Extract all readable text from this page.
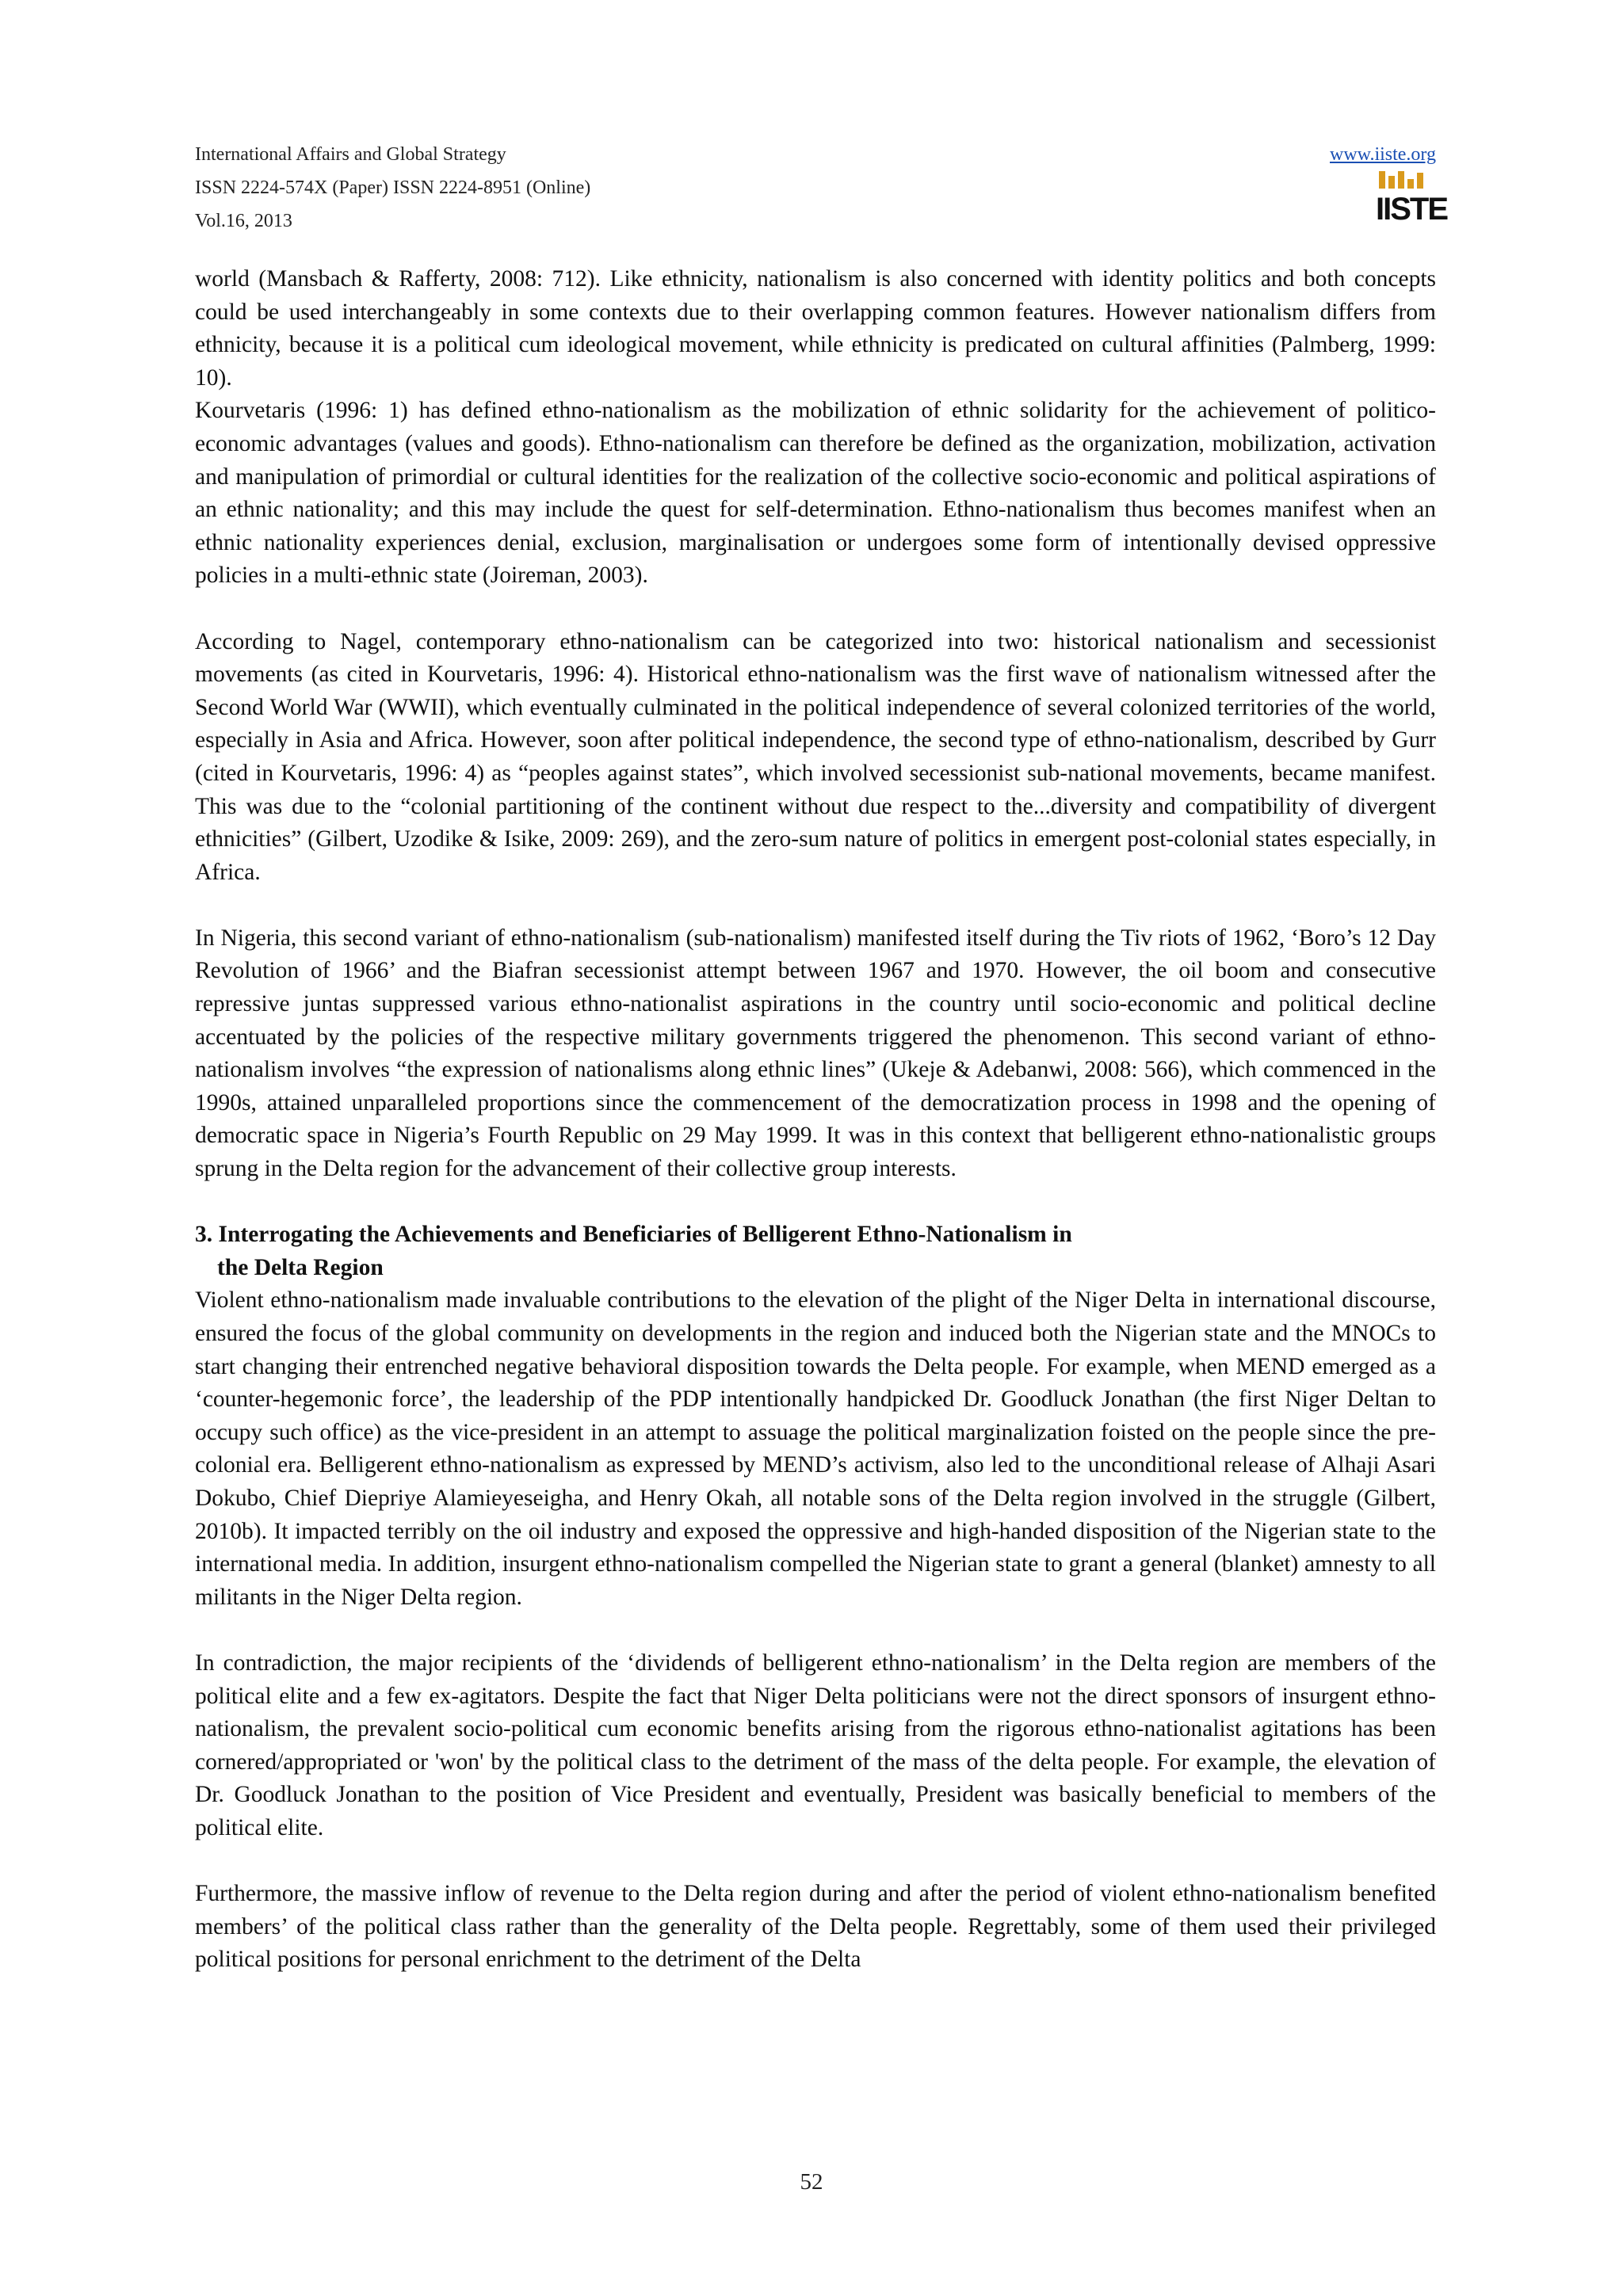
International Affairs and Global Strategy
ISSN 2224-574X (Paper) ISSN 2224-8951 (Online)
Vol.16, 2013
www.iiste.org
IISTE

world (Mansbach & Rafferty, 2008: 712). Like ethnicity, nationalism is also concerned with identity politics and both concepts could be used interchangeably in some contexts due to their overlapping common features. However nationalism differs from ethnicity, because it is a political cum ideological movement, while ethnicity is predicated on cultural affinities (Palmberg, 1999: 10).

Kourvetaris (1996: 1) has defined ethno-nationalism as the mobilization of ethnic solidarity for the achievement of politico-economic advantages (values and goods). Ethno-nationalism can therefore be defined as the organization, mobilization, activation and manipulation of primordial or cultural identities for the realization of the collective socio-economic and political aspirations of an ethnic nationality; and this may include the quest for self-determination. Ethno-nationalism thus becomes manifest when an ethnic nationality experiences denial, exclusion, marginalisation or undergoes some form of intentionally devised oppressive policies in a multi-ethnic state (Joireman, 2003).

According to Nagel, contemporary ethno-nationalism can be categorized into two: historical nationalism and secessionist movements (as cited in Kourvetaris, 1996: 4). Historical ethno-nationalism was the first wave of nationalism witnessed after the Second World War (WWII), which eventually culminated in the political independence of several colonized territories of the world, especially in Asia and Africa. However, soon after political independence, the second type of ethno-nationalism, described by Gurr (cited in Kourvetaris, 1996: 4) as “peoples against states”, which involved secessionist sub-national movements, became manifest. This was due to the “colonial partitioning of the continent without due respect to the...diversity and compatibility of divergent ethnicities” (Gilbert, Uzodike & Isike, 2009: 269), and the zero-sum nature of politics in emergent post-colonial states especially, in Africa.

In Nigeria, this second variant of ethno-nationalism (sub-nationalism) manifested itself during the Tiv riots of 1962, ‘Boro’s 12 Day Revolution of 1966’ and the Biafran secessionist attempt between 1967 and 1970. However, the oil boom and consecutive repressive juntas suppressed various ethno-nationalist aspirations in the country until socio-economic and political decline accentuated by the policies of the respective military governments triggered the phenomenon. This second variant of ethno-nationalism involves “the expression of nationalisms along ethnic lines” (Ukeje & Adebanwi, 2008: 566), which commenced in the 1990s, attained unparalleled proportions since the commencement of the democratization process in 1998 and the opening of democratic space in Nigeria’s Fourth Republic on 29 May 1999. It was in this context that belligerent ethno-nationalistic groups sprung in the Delta region for the advancement of their collective group interests.

3. Interrogating the Achievements and Beneficiaries of Belligerent Ethno-Nationalism in
the Delta Region

Violent ethno-nationalism made invaluable contributions to the elevation of the plight of the Niger Delta in international discourse, ensured the focus of the global community on developments in the region and induced both the Nigerian state and the MNOCs to start changing their entrenched negative behavioral disposition towards the Delta people. For example, when MEND emerged as a ‘counter-hegemonic force’, the leadership of the PDP intentionally handpicked Dr. Goodluck Jonathan (the first Niger Deltan to occupy such office) as the vice-president in an attempt to assuage the political marginalization foisted on the people since the pre-colonial era. Belligerent ethno-nationalism as expressed by MEND’s activism, also led to the unconditional release of Alhaji Asari Dokubo, Chief Diepriye Alamieyeseigha, and Henry Okah, all notable sons of the Delta region involved in the struggle (Gilbert, 2010b). It impacted terribly on the oil industry and exposed the oppressive and high-handed disposition of the Nigerian state to the international media. In addition, insurgent ethno-nationalism compelled the Nigerian state to grant a general (blanket) amnesty to all militants in the Niger Delta region.

In contradiction, the major recipients of the ‘dividends of belligerent ethno-nationalism’ in the Delta region are members of the political elite and a few ex-agitators. Despite the fact that Niger Delta politicians were not the direct sponsors of insurgent ethno-nationalism, the prevalent socio-political cum economic benefits arising from the rigorous ethno-nationalist agitations has been cornered/appropriated or 'won' by the political class to the detriment of the mass of the delta people. For example, the elevation of Dr. Goodluck Jonathan to the position of Vice President and eventually, President was basically beneficial to members of the political elite.

Furthermore, the massive inflow of revenue to the Delta region during and after the period of violent ethno-nationalism benefited members’ of the political class rather than the generality of the Delta people. Regrettably, some of them used their privileged political positions for personal enrichment to the detriment of the Delta

52
